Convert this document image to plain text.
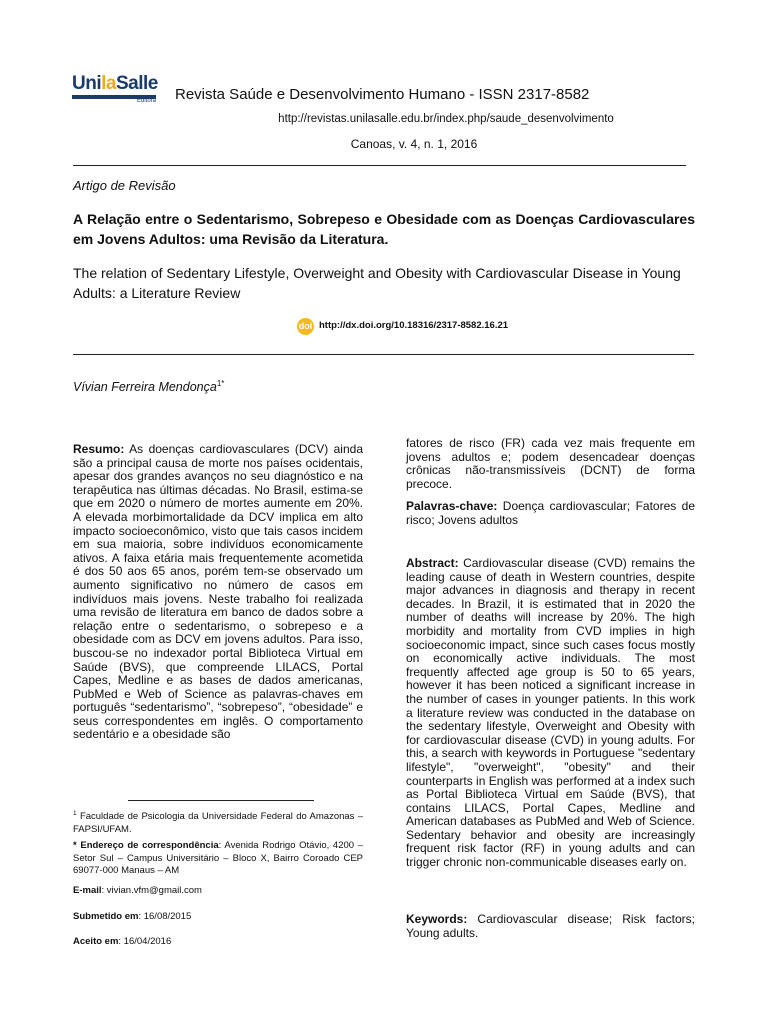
UnilaSalle
Editora Revista Saúde e Desenvolvimento Humano - ISSN 2317-8582
http://revistas.unilasalle.edu.br/index.php/saude_desenvolvimento
Canoas, v. 4, n. 1, 2016
Artigo de Revisão
A Relação entre o Sedentarismo, Sobrepeso e Obesidade com as Doenças Cardiovasculares em Jovens Adultos: uma Revisão da Literatura.
The relation of Sedentary Lifestyle, Overweight and Obesity with Cardiovascular Disease in Young Adults: a Literature Review
doi http://dx.doi.org/10.18316/2317-8582.16.21
Vívian Ferreira Mendonça$^{1*}$
Resumo: As doenças cardiovasculares (DCV) ainda são a principal causa de morte nos países ocidentais, apesar dos grandes avanços no seu diagnóstico e na terapêutica nas últimas décadas. No Brasil, estima-se que em 2020 o número de mortes aumente em 20%. A elevada morbimortalidade da DCV implica em alto impacto socioeconômico, visto que tais casos incidem em sua maioria, sobre indivíduos economicamente ativos. A faixa etária mais frequentemente acometida é dos 50 aos 65 anos, porém tem-se observado um aumento significativo no número de casos em indivíduos mais jovens. Neste trabalho foi realizada uma revisão de literatura em banco de dados sobre a relação entre o sedentarismo, o sobrepeso e a obesidade com as DCV em jovens adultos. Para isso, buscou-se no indexador portal Biblioteca Virtual em Saúde (BVS), que compreende LILACS, Portal Capes, Medline e as bases de dados americanas, PubMed e Web of Science as palavras-chaves em português “sedentarismo”, “sobrepeso”, “obesidade” e seus correspondentes em inglês. O comportamento sedentário e a obesidade são
$^1$ Faculdade de Psicologia da Universidade Federal do Amazonas – FAPSI/UFAM.
* Endereço de correspondência: Avenida Rodrigo Otávio, 4200 – Setor Sul – Campus Universitário – Bloco X, Bairro Coroado CEP 69077-000 Manaus – AM
E-mail: vivian.vfm@gmail.com
Submetido em: 16/08/2015
Aceito em: 16/04/2016
fatores de risco (FR) cada vez mais frequente em jovens adultos e; podem desencadear doenças crônicas não-transmissíveis (DCNT) de forma precoce.
Palavras-chave: Doença cardiovascular; Fatores de risco; Jovens adultos
Abstract: Cardiovascular disease (CVD) remains the leading cause of death in Western countries, despite major advances in diagnosis and therapy in recent decades. In Brazil, it is estimated that in 2020 the number of deaths will increase by 20%. The high morbidity and mortality from CVD implies in high socioeconomic impact, since such cases focus mostly on economically active individuals. The most frequently affected age group is 50 to 65 years, however it has been noticed a significant increase in the number of cases in younger patients. In this work a literature review was conducted in the database on the sedentary lifestyle, Overweight and Obesity with for cardiovascular disease (CVD) in young adults. For this, a search with keywords in Portuguese "sedentary lifestyle", "overweight", "obesity" and their counterparts in English was performed at a index such as Portal Biblioteca Virtual em Saúde (BVS), that contains LILACS, Portal Capes, Medline and American databases as PubMed and Web of Science. Sedentary behavior and obesity are increasingly frequent risk factor (RF) in young adults and can trigger chronic non-communicable diseases early on.
Keywords: Cardiovascular disease; Risk factors; Young adults.
